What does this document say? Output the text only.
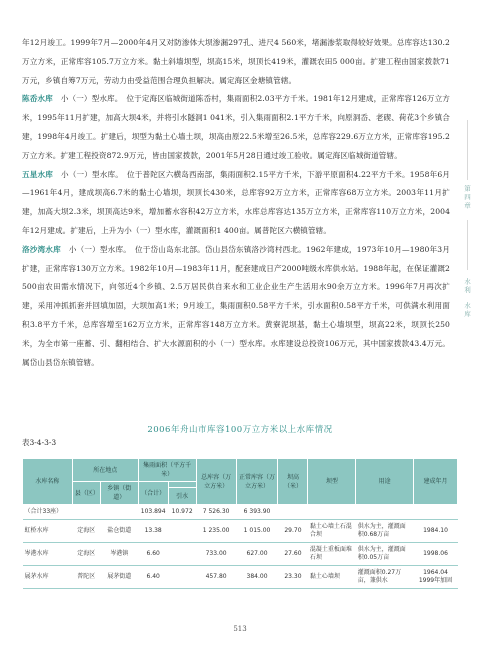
年12月竣工。1999年7月—2000年4月又对防渗体大坝渗漏297孔、进尺4 560米，堵漏渗浆取得较好效果。总库容达130.2万立方米，正常库容105.7万立方米。黏土斜墙坝型，坝高15米，坝顶长419米，灌溉农田5 000亩。扩建工程由国家拨款71万元，乡镇自筹7万元，劳动力由受益范围合理负担解决。属定海区金塘镇管辖。

陈岙水库 小（一）型水库。 位于定海区临城街道陈岙村，集雨面积2.03平方千米。1981年12月建成，正常库容126万立方米，1995年11月扩建，加高大坝4米，并将引水隧洞1 041米，引入集雨面积2.1平方千米，向原洞岙、老碶、荷花3个乡镇合建，1998年4月竣工。扩建后，坝型为黏土心墙土坝，坝高由原22.5米增至26.5米，总库容229.6万立方米，正常库容195.2万立方米。扩建工程投资872.9万元，皆由国家拨款，2001年5月28日通过竣工验收。属定海区临城街道管辖。

五星水库 小（一）型水库。 位于普陀区六横岛西南部，集雨面积2.15平方千米，下游平原面积4.22平方千米。1958年6月—1961年4月，建成坝高6.7米的黏土心墙坝，坝顶长430米，总库容92万立方米，正常库容68万立方米。2003年11月扩建，加高大坝2.3米，坝顶高达9米，增加蓄水容积42万立方米，水库总库容达135万立方米，正常库容110万立方米，2004年12月建成。扩建后，上升为小（一）型水库，灌溉面积1 400亩。属普陀区六横镇管辖。

洛沙湾水库 小（一）型水库。 位于岱山岛东北部。岱山县岱东镇洛沙湾村西北。1962年建成，1973年10月—1980年3月扩建，正常库容130万立方米。1982年10月—1983年11月，配套建成日产2000吨级水库供水站。1988年起，在保证灌溉2 500亩农田需水情况下，向邻近4个乡镇、2.5万居民供自来水和工业企业生产生活用水90余万立方米。1996年7月再次扩建，采用冲抓抓套并回填加固，大坝加高1米；9月竣工，集雨面积0.58平方千米，引水面积0.58平方千米，可供满水利用面积3.8平方千米，总库容增至162万立方米，正常库容148万立方米。黄寮泥坝基，黏土心墙坝型，坝高22米，坝顶长250米，为全市第一座蓄、引、翻相结合、扩大水源面积的小（一）型水库。水库建设总投资106万元，其中国家拨款43.4万元。属岱山县岱东镇管辖。

第四章
水利
水库
2006年舟山市库容100万立方米以上水库情况
表3-4-3-3
水库名称	所在地点		集雨面积（平方千米）		总库容（万立方米）	正常库容（万立方米）	坝高（米）	坝型	用途	建成年月
	县（区）	乡镇（街道）	（合计）							
				引水						
（合计33座）			103.894	10.972	7 526.30	6 393.90				
虹桥水库	定海区	盐仓街道	13.38		1 235.00	1 015.00	29.70	黏土心墙土石混合坝	供水为主，灌溉面积0.68万亩	1984.10
岑港水库	定海区	岑港镇	6.60		733.00	627.00	27.60	混凝土重板面堆石坝	供水为主，灌溉面积0.05万亩	1998.06
展茅水库	普陀区	展茅街道	6.40		457.80	384.00	23.30	黏土心墙坝	灌溉面积0.27万亩，兼供水	1964.04 1999年加固
513
